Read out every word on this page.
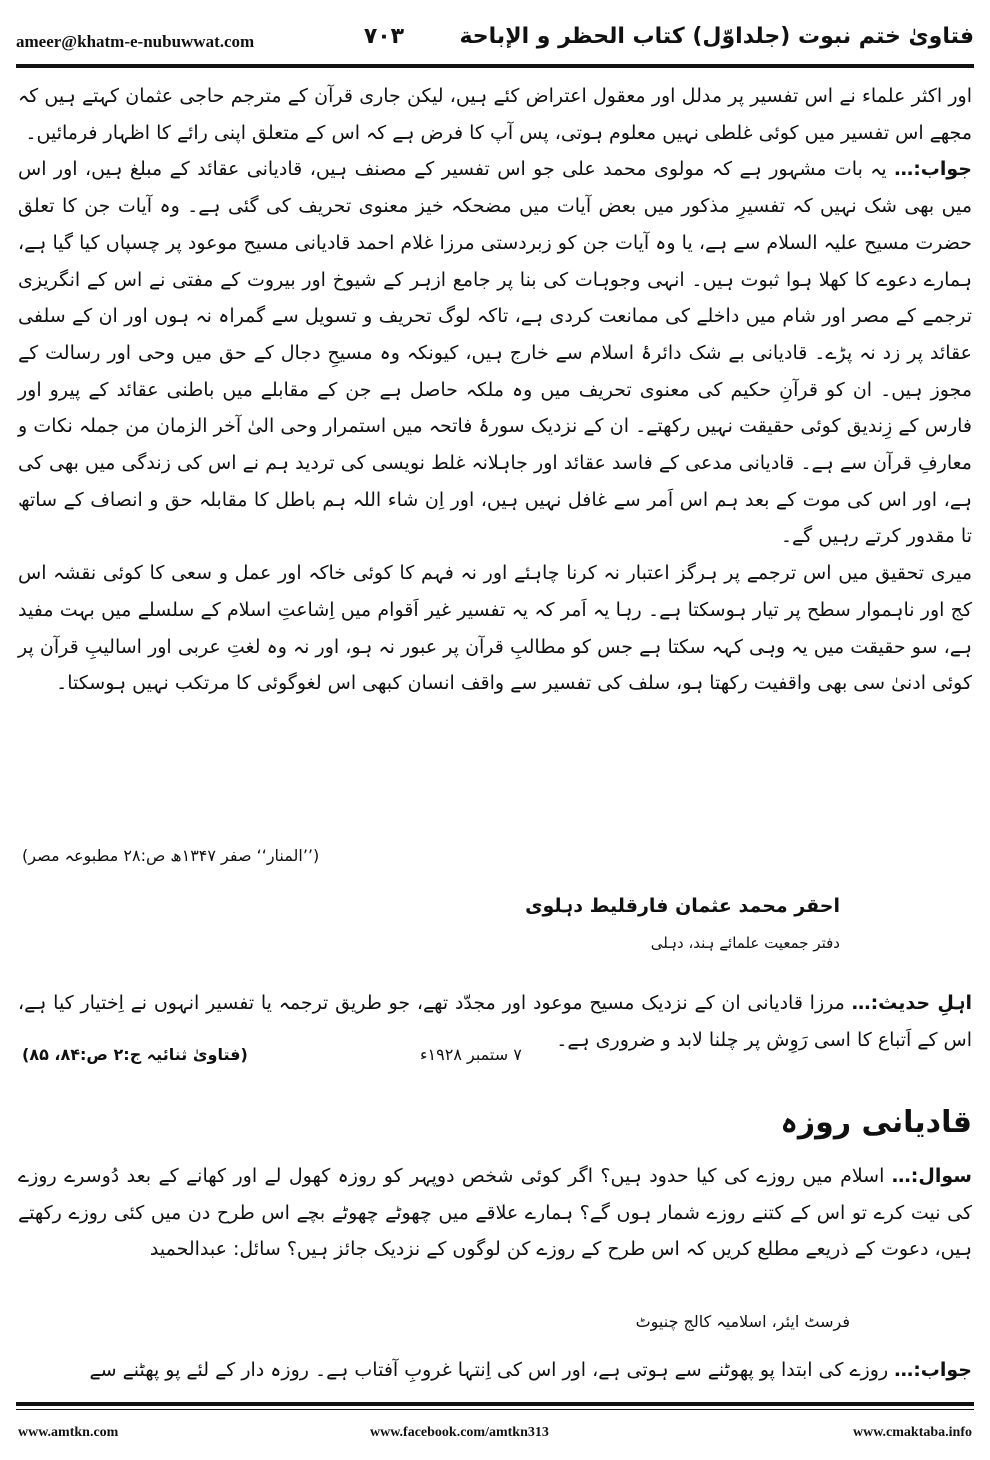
ameer@khatm-e-nubuwwat.com	فتاویٰ ختم نبوت (جلداوّل) کتاب الحظر و الإباحة  ۷۰۳

اور اکثر علماء نے اس تفسیر پر مدلل اور معقول اعتراض کئے ہیں، لیکن جاری قرآن کے مترجم حاجی عثمان کہتے ہیں کہ مجھے اس تفسیر میں کوئی غلطی نہیں معلوم ہوتی، پس آپ کا فرض ہے کہ اس کے متعلق اپنی رائے کا اظہار فرمائیں۔

جواب:… یہ بات مشہور ہے کہ مولوی محمد علی جو اس تفسیر کے مصنف ہیں، قادیانی عقائد کے مبلغ ہیں، اور اس میں بھی شک نہیں کہ تفسیرِ مذکور میں بعض آیات میں مضحکہ خیز معنوی تحریف کی گئی ہے۔ وہ آیات جن کا تعلق حضرت مسیح علیہ السلام سے ہے، یا وہ آیات جن کو زبردستی مرزا غلام احمد قادیانی مسیح موعود پر چسپاں کیا گیا ہے، ہمارے دعوے کا کھلا ہوا ثبوت ہیں۔ انہی وجوہات کی بنا پر جامع ازہر کے شیوخ اور بیروت کے مفتی نے اس کے انگریزی ترجمے کے مصر اور شام میں داخلے کی ممانعت کردی ہے، تاکہ لوگ تحریف و تسویل سے گمراہ نہ ہوں اور ان کے سلفی عقائد پر زد نہ پڑے۔ قادیانی بے شک دائرۂ اسلام سے خارج ہیں، کیونکہ وہ مسیحِ دجال کے حق میں وحی اور رسالت کے مجوز ہیں۔ ان کو قرآنِ حکیم کی معنوی تحریف میں وہ ملکہ حاصل ہے جن کے مقابلے میں باطنی عقائد کے پیرو اور فارس کے زِندیق کوئی حقیقت نہیں رکھتے۔ ان کے نزدیک سورۂ فاتحہ میں استمرار وحی الیٰ آخر الزمان من جملہ نکات و معارفِ قرآن سے ہے۔ قادیانی مدعی کے فاسد عقائد اور جاہلانہ غلط نویسی کی تردید ہم نے اس کی زندگی میں بھی کی ہے، اور اس کی موت کے بعد ہم اس اَمر سے غافل نہیں ہیں، اور اِن شاء اللہ ہم باطل کا مقابلہ حق و انصاف کے ساتھ تا مقدور کرتے رہیں گے۔

میری تحقیق میں اس ترجمے پر ہرگز اعتبار نہ کرنا چاہئے اور نہ فہم کا کوئی خاکہ اور عمل و سعی کا کوئی نقشہ اس کج اور ناہموار سطح پر تیار ہوسکتا ہے۔ رہا یہ اَمر کہ یہ تفسیر غیر اَقوام میں اِشاعتِ اسلام کے سلسلے میں بہت مفید ہے، سو حقیقت میں یہ وہی کہہ سکتا ہے جس کو مطالبِ قرآن پر عبور نہ ہو، اور نہ وہ لغتِ عربی اور اسالیبِ قرآن پر کوئی ادنیٰ سی بھی واقفیت رکھتا ہو، سلف کی تفسیر سے واقف انسان کبھی اس لغوگوئی کا مرتکب نہیں ہوسکتا۔

(’’المنار‘‘ صفر ۱۳۴۷ھ ص:۲۸ مطبوعہ مصر)
احقر محمد عثمان فارقلیط دہلوی
دفتر جمعیت علمائے ہند، دہلی

اہلِ حدیث:… مرزا قادیانی ان کے نزدیک مسیح موعود اور مجدّد تھے، جو طریق ترجمہ یا تفسیر انہوں نے اِختیار کیا ہے، اس کے اَتباع کا اسی رَوِش پر چلنا لابد و ضروری ہے۔

۷ ستمبر ۱۹۲۸ء
(فتاویٰ ثنائیہ ج:۲ ص:۸۴، ۸۵)
قادیانی روزہ

سوال:… اسلام میں روزے کی کیا حدود ہیں؟ اگر کوئی شخص دوپہر کو روزہ کھول لے اور کھانے کے بعد دُوسرے روزے کی نیت کرے تو اس کے کتنے روزے شمار ہوں گے؟ ہمارے علاقے میں چھوٹے چھوٹے بچے اس طرح دن میں کئی روزے رکھتے ہیں، دعوت کے ذریعے مطلع کریں کہ اس طرح کے روزے کن لوگوں کے نزدیک جائز ہیں؟ سائل: عبدالحمید

فرسٹ ایئر، اسلامیہ کالج چنیوٹ

جواب:… روزے کی ابتدا پو پھوٹنے سے ہوتی ہے، اور اس کی اِنتہا غروبِ آفتاب ہے۔ روزہ دار کے لئے پو پھٹنے سے

www.amtkn.com	www.facebook.com/amtkn313	www.cmaktaba.info
